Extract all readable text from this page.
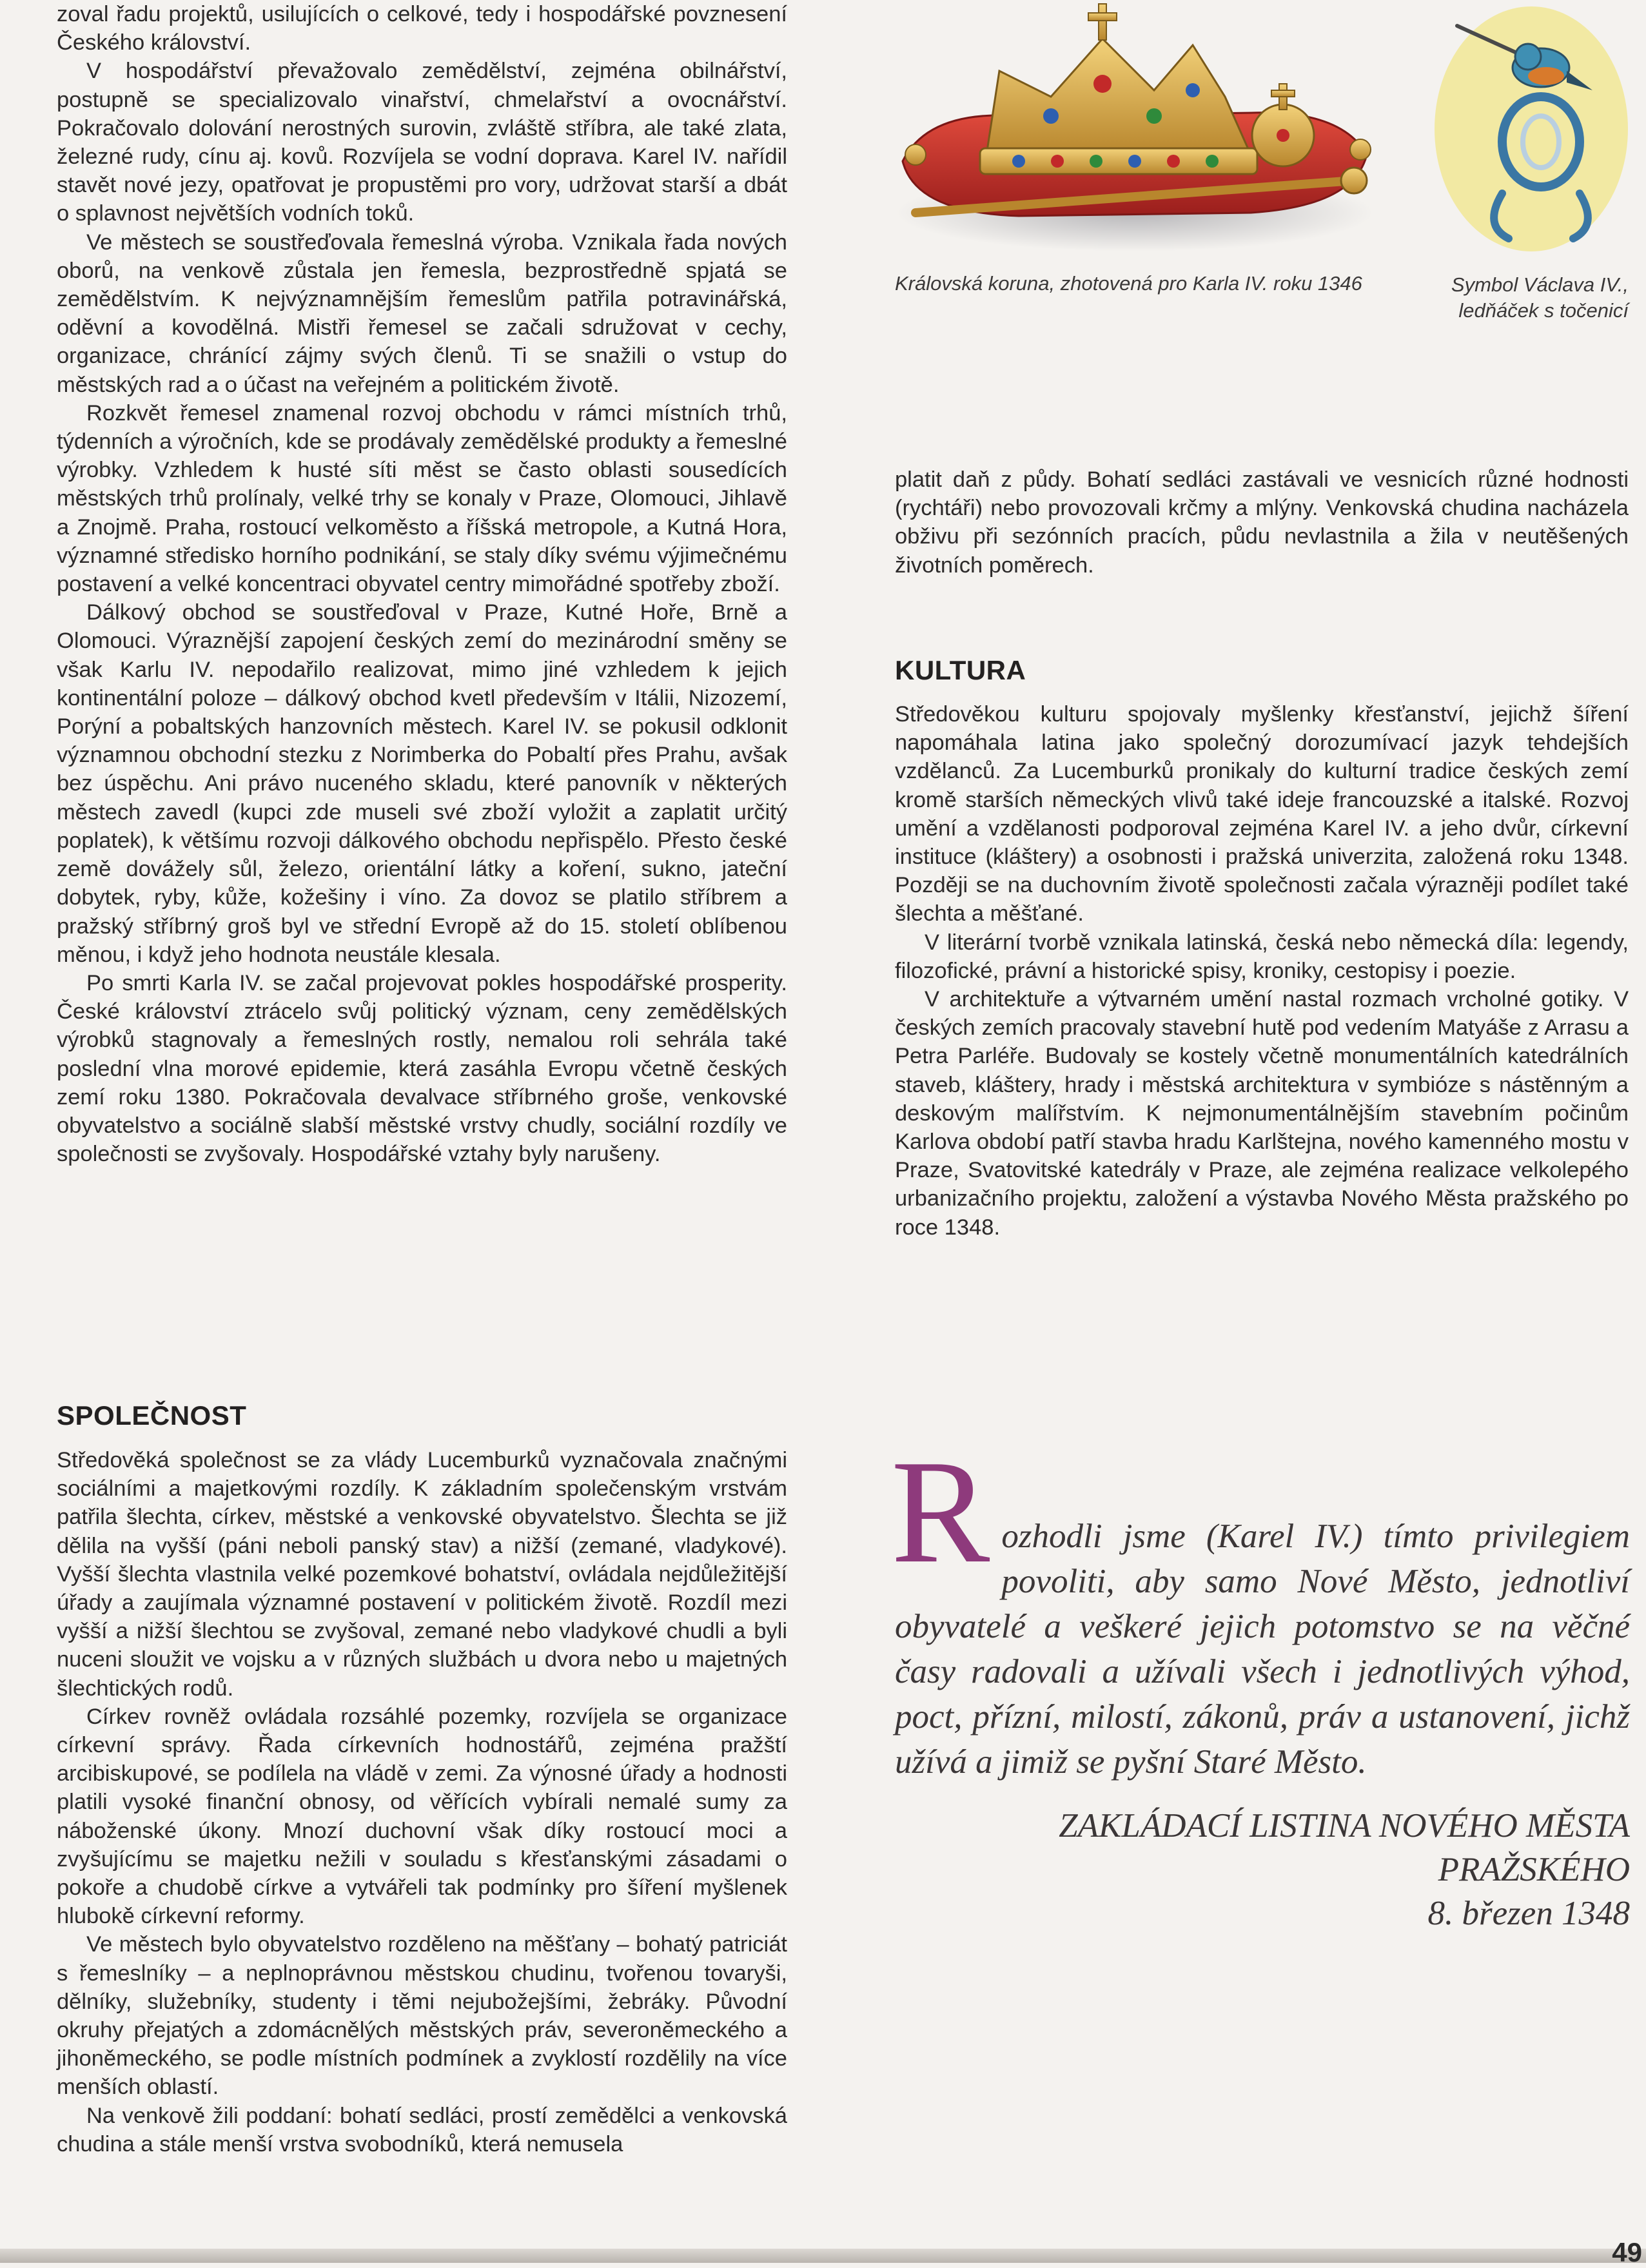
zoval řadu projektů, usilujících o celkové, tedy i hospodářské povznesení Českého království.

V hospodářství převažovalo zemědělství, zejména obilnářství, postupně se specializovalo vinařství, chmelařství a ovocnářství. Pokračovalo dolování nerostných surovin, zvláště stříbra, ale také zlata, železné rudy, cínu aj. kovů. Rozvíjela se vodní doprava. Karel IV. nařídil stavět nové jezy, opatřovat je propustěmi pro vory, udržovat starší a dbát o splavnost největších vodních toků.

Ve městech se soustřeďovala řemeslná výroba. Vznikala řada nových oborů, na venkově zůstala jen řemesla, bezprostředně spjatá se zemědělstvím. K nejvýznamnějším řemeslům patřila potravinářská, oděvní a kovodělná. Mistři řemesel se začali sdružovat v cechy, organizace, chránící zájmy svých členů. Ti se snažili o vstup do městských rad a o účast na veřejném a politickém životě.

Rozkvět řemesel znamenal rozvoj obchodu v rámci místních trhů, týdenních a výročních, kde se prodávaly zemědělské produkty a řemeslné výrobky. Vzhledem k husté síti měst se často oblasti sousedících městských trhů prolínaly, velké trhy se konaly v Praze, Olomouci, Jihlavě a Znojmě. Praha, rostoucí velkoměsto a říšská metropole, a Kutná Hora, významné středisko horního podnikání, se staly díky svému výjimečnému postavení a velké koncentraci obyvatel centry mimořádné spotřeby zboží.

Dálkový obchod se soustřeďoval v Praze, Kutné Hoře, Brně a Olomouci. Výraznější zapojení českých zemí do mezinárodní směny se však Karlu IV. nepodařilo realizovat, mimo jiné vzhledem k jejich kontinentální poloze – dálkový obchod kvetl především v Itálii, Nizozemí, Porýní a pobaltských hanzovních městech. Karel IV. se pokusil odklonit významnou obchodní stezku z Norimberka do Pobaltí přes Prahu, avšak bez úspěchu. Ani právo nuceného skladu, které panovník v některých městech zavedl (kupci zde museli své zboží vyložit a zaplatit určitý poplatek), k většímu rozvoji dálkového obchodu nepřispělo. Přesto české země dovážely sůl, železo, orientální látky a koření, sukno, jateční dobytek, ryby, kůže, kožešiny i víno. Za dovoz se platilo stříbrem a pražský stříbrný groš byl ve střední Evropě až do 15. století oblíbenou měnou, i když jeho hodnota neustále klesala.

Po smrti Karla IV. se začal projevovat pokles hospodářské prosperity. České království ztrácelo svůj politický význam, ceny zemědělských výrobků stagnovaly a řemeslných rostly, nemalou roli sehrála také poslední vlna morové epidemie, která zasáhla Evropu včetně českých zemí roku 1380. Pokračovala devalvace stříbrného groše, venkovské obyvatelstvo a sociálně slabší městské vrstvy chudly, sociální rozdíly ve společnosti se zvyšovaly. Hospodářské vztahy byly narušeny.

SPOLEČNOST

Středověká společnost se za vlády Lucemburků vyznačovala značnými sociálními a majetkovými rozdíly. K základním společenským vrstvám patřila šlechta, církev, městské a venkovské obyvatelstvo. Šlechta se již dělila na vyšší (páni neboli panský stav) a nižší (zemané, vladykové). Vyšší šlechta vlastnila velké pozemkové bohatství, ovládala nejdůležitější úřady a zaujímala významné postavení v politickém životě. Rozdíl mezi vyšší a nižší šlechtou se zvyšoval, zemané nebo vladykové chudli a byli nuceni sloužit ve vojsku a v různých službách u dvora nebo u majetných šlechtických rodů.

Církev rovněž ovládala rozsáhlé pozemky, rozvíjela se organizace církevní správy. Řada církevních hodnostářů, zejména pražští arcibiskupové, se podílela na vládě v zemi. Za výnosné úřady a hodnosti platili vysoké finanční obnosy, od věřících vybírali nemalé sumy za náboženské úkony. Mnozí duchovní však díky rostoucí moci a zvyšujícímu se majetku nežili v souladu s křesťanskými zásadami o pokoře a chudobě církve a vytvářeli tak podmínky pro šíření myšlenek hlubokě církevní reformy.

Ve městech bylo obyvatelstvo rozděleno na měšťany – bohatý patriciát s řemeslníky – a neplnoprávnou městskou chudinu, tvořenou tovaryši, dělníky, služebníky, studenty i těmi nejubožejšími, žebráky. Původní okruhy přejatých a zdomácnělých městských práv, severoněmeckého a jihoněmeckého, se podle místních podmínek a zvyklostí rozdělily na více menších oblastí.

Na venkově žili poddaní: bohatí sedláci, prostí zemědělci a venkovská chudina a stále menší vrstva svobodníků, která nemusela

Královská koruna, zhotovená pro Karla IV. roku 1346	Symbol Václava IV., ledňáček s točenicí

platit daň z půdy. Bohatí sedláci zastávali ve vesnicích různé hodnosti (rychtáři) nebo provozovali krčmy a mlýny. Venkovská chudina nacházela obživu při sezónních pracích, půdu nevlastnila a žila v neutěšených životních poměrech.

KULTURA

Středověkou kulturu spojovaly myšlenky křesťanství, jejichž šíření napomáhala latina jako společný dorozumívací jazyk tehdejších vzdělanců. Za Lucemburků pronikaly do kulturní tradice českých zemí kromě starších německých vlivů také ideje francouzské a italské. Rozvoj umění a vzdělanosti podporoval zejména Karel IV. a jeho dvůr, církevní instituce (kláštery) a osobnosti i pražská univerzita, založená roku 1348. Později se na duchovním životě společnosti začala výrazněji podílet také šlechta a měšťané.

V literární tvorbě vznikala latinská, česká nebo německá díla: legendy, filozofické, právní a historické spisy, kroniky, cestopisy i poezie.

V architektuře a výtvarném umění nastal rozmach vrcholné gotiky. V českých zemích pracovaly stavební hutě pod vedením Matyáše z Arrasu a Petra Parléře. Budovaly se kostely včetně monumentálních katedrálních staveb, kláštery, hrady i městská architektura v symbióze s nástěnným a deskovým malířstvím. K nejmonumentálnějším stavebním počinům Karlova období patří stavba hradu Karlštejna, nového kamenného mostu v Praze, Svatovitské katedrály v Praze, ale zejména realizace velkolepého urbanizačního projektu, založení a výstavba Nového Města pražského po roce 1348.

R ozhodli jsme (Karel IV.) tímto privilegiem povoliti, aby samo Nové Město, jednotliví obyvatelé a veškeré jejich potomstvo se na věčné časy radovali a užívali všech i jednotlivých výhod, poct, přízní, milostí, zákonů, práv a ustanovení, jichž užívá a jimiž se pyšní Staré Město.

ZAKLÁDACÍ LISTINA NOVÉHO MĚSTA
PRAŽSKÉHO
8. březen 1348
49
